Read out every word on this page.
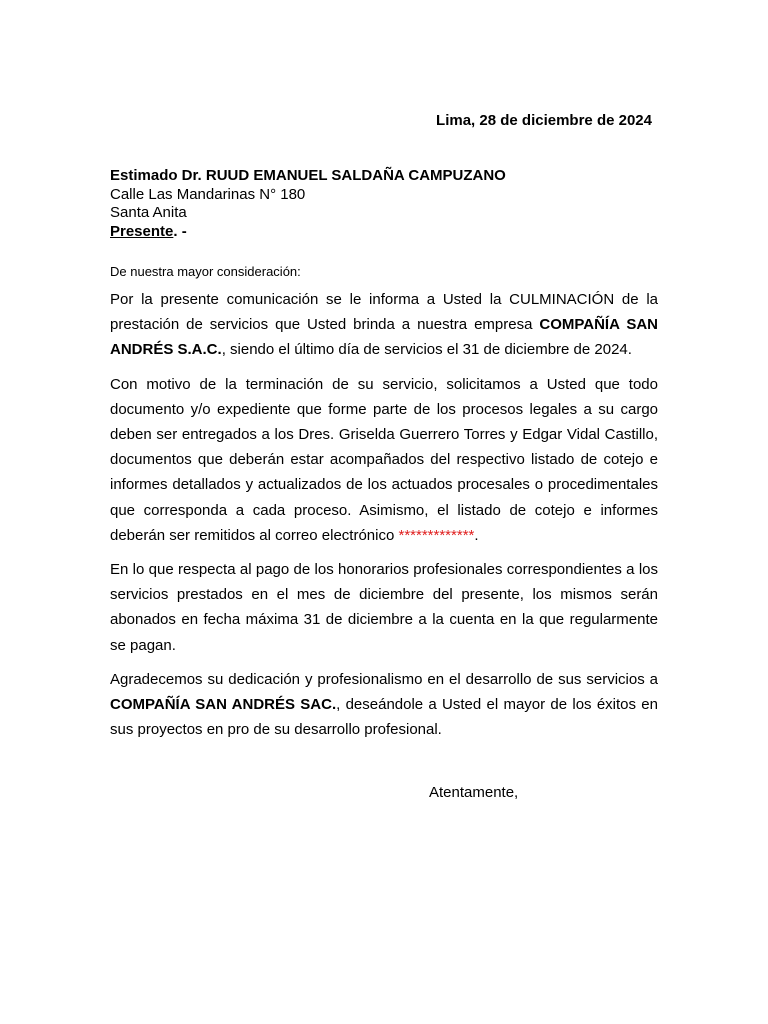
Lima, 28 de diciembre de 2024
Estimado Dr. RUUD EMANUEL SALDAÑA CAMPUZANO
Calle Las Mandarinas N° 180
Santa Anita
Presente. -
De nuestra mayor consideración:

Por la presente comunicación se le informa a Usted la CULMINACIÓN de la prestación de servicios que Usted brinda a nuestra empresa COMPAÑÍA SAN ANDRÉS S.A.C., siendo el último día de servicios el 31 de diciembre de 2024.

Con motivo de la terminación de su servicio, solicitamos a Usted que todo documento y/o expediente que forme parte de los procesos legales a su cargo deben ser entregados a los Dres. Griselda Guerrero Torres y Edgar Vidal Castillo, documentos que deberán estar acompañados del respectivo listado de cotejo e informes detallados y actualizados de los actuados procesales o procedimentales que corresponda a cada proceso. Asimismo, el listado de cotejo e informes deberán ser remitidos al correo electrónico *************.

En lo que respecta al pago de los honorarios profesionales correspondientes a los servicios prestados en el mes de diciembre del presente, los mismos serán abonados en fecha máxima 31 de diciembre a la cuenta en la que regularmente se pagan.

Agradecemos su dedicación y profesionalismo en el desarrollo de sus servicios a COMPAÑÍA SAN ANDRÉS SAC., deseándole a Usted el mayor de los éxitos en sus proyectos en pro de su desarrollo profesional.

Atentamente,
